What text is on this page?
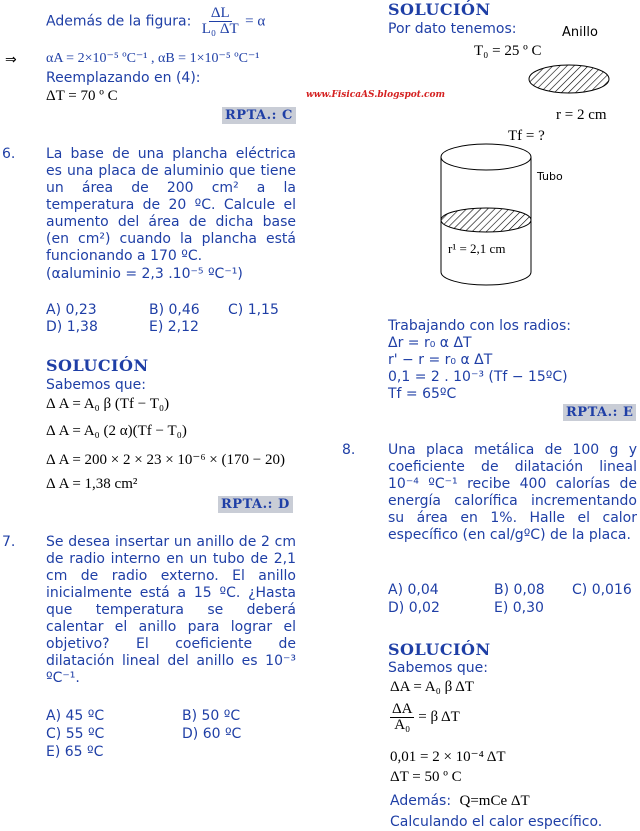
Además de la figura: $\frac{\Delta L}{\text{L₀ ΔT}} = \alpha$
⇒ αA = 2×10⁻⁵ ºC⁻¹ , αB = 1×10⁻⁵ ºC⁻¹
Reemplazando en (4):
ΔT = 70 º C
RPTA.: C
6. La base de una plancha eléctrica es una placa de aluminio que tiene un área de 200 cm² a la temperatura de 20 ºC. Calcule el aumento del área de dicha base (en cm²) cuando la plancha está funcionando a 170 ºC.
(αaluminio = 2,3 .10⁻⁵ ºC⁻¹)
A) 0,23	B) 0,46 C) 1,15
D) 1,38	E) 2,12
SOLUCIÓN
Sabemos que:
Δ A = A₀ β (Tf − T₀)
Δ A = A₀ (2 α)(Tf − T₀)
Δ A = 200 × 2 × 23 × 10⁻⁶ × (170 − 20)
Δ A = 1,38 cm²
RPTA.: D
7. Se desea insertar un anillo de 2 cm de radio interno en un tubo de 2,1 cm de radio externo. El anillo inicialmente está a 15 ºC. ¿Hasta que temperatura se deberá calentar el anillo para lograr el objetivo? El coeficiente de dilatación lineal del anillo es 10⁻³ ºC⁻¹.
A) 45 ºC	B) 50 ºC
C) 55 ºC	D) 60 ºC
E) 65 ºC
www.FisicaAS.blogspot.com
SOLUCIÓN
Por dato tenemos:	Anillo
T₀ = 25 º C
r = 2 cm
Tf = ?
Tubo
r¹ = 2,1 cm
Trabajando con los radios:
Δr = r₀ α ΔT
r' − r = r₀ α ΔT
0,1 = 2 . 10⁻³ (Tf − 15ºC)
Tf = 65ºC
RPTA.: E
8. Una placa metálica de 100 g y coeficiente de dilatación lineal 10⁻⁴ ºC⁻¹ recibe 400 calorías de energía calorífica incrementando su área en 1%. Halle el calor específico (en cal/gºC) de la placa.
A) 0,04	B) 0,08 C) 0,016
D) 0,02	E) 0,30
SOLUCIÓN
Sabemos que:
ΔA = A₀ β ΔT
$\frac{\Delta A}{\text{A₀}} = \beta$ ΔT
0,01 = 2 × 10⁻⁴ ΔT
ΔT = 50 º C
Además: Q=mCe ΔT
Calculando el calor específico.
